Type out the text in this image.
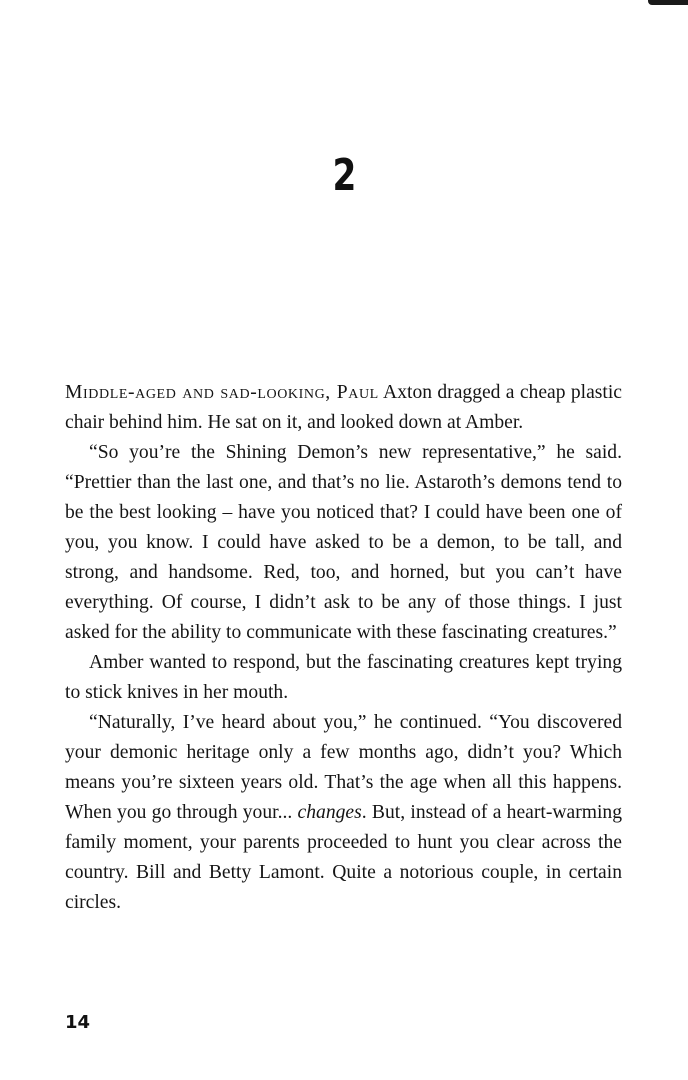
2

Middle-aged and sad-looking, Paul Axton dragged a cheap plastic chair behind him. He sat on it, and looked down at Amber.

“So you’re the Shining Demon’s new representative,” he said. “Prettier than the last one, and that’s no lie. Astaroth’s demons tend to be the best looking – have you noticed that? I could have been one of you, you know. I could have asked to be a demon, to be tall, and strong, and handsome. Red, too, and horned, but you can’t have everything. Of course, I didn’t ask to be any of those things. I just asked for the ability to communicate with these fascinating creatures.”

Amber wanted to respond, but the fascinating creatures kept trying to stick knives in her mouth.

“Naturally, I’ve heard about you,” he continued. “You discovered your demonic heritage only a few months ago, didn’t you? Which means you’re sixteen years old. That’s the age when all this happens. When you go through your... changes. But, instead of a heart-warming family moment, your parents proceeded to hunt you clear across the country. Bill and Betty Lamont. Quite a notorious couple, in certain circles.

14
